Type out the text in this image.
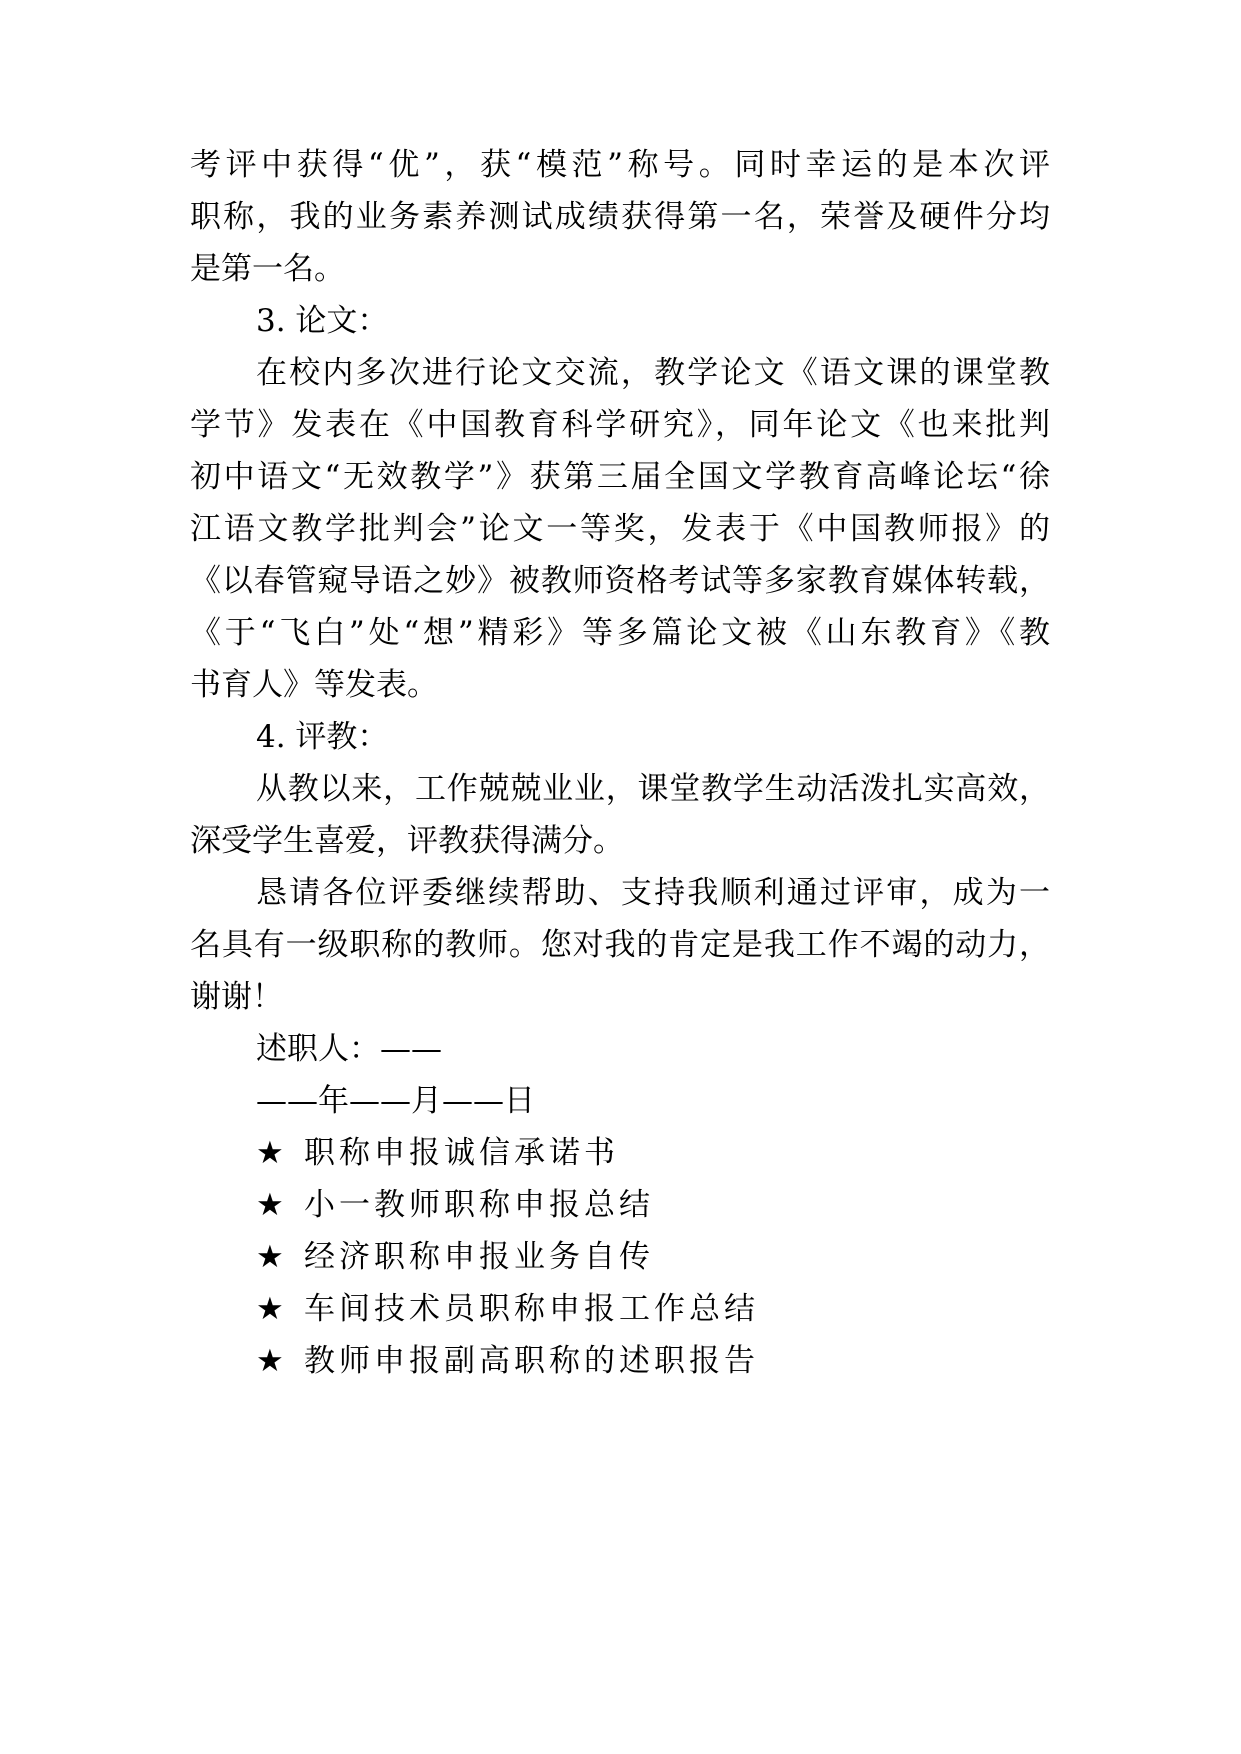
考评中获得“优”，获“模范”称号。同时幸运的是本次评
职称，我的业务素养测试成绩获得第一名，荣誉及硬件分均
是第一名。
3. 论文：
在校内多次进行论文交流，教学论文《语文课的课堂教
学节》发表在《中国教育科学研究》，同年论文《也来批判
初中语文“无效教学”》获第三届全国文学教育高峰论坛“徐
江语文教学批判会”论文一等奖，发表于《中国教师报》的
《以春管窥导语之妙》被教师资格考试等多家教育媒体转载，
《于“飞白”处“想”精彩》等多篇论文被《山东教育》《教
书育人》等发表。
4. 评教：
从教以来，工作兢兢业业，课堂教学生动活泼扎实高效，
深受学生喜爱，评教获得满分。
恳请各位评委继续帮助、支持我顺利通过评审，成为一
名具有一级职称的教师。您对我的肯定是我工作不竭的动力，
谢谢！
述职人：——
——年——月——日
★ 职称申报诚信承诺书
★ 小一教师职称申报总结
★ 经济职称申报业务自传
★ 车间技术员职称申报工作总结
★ 教师申报副高职称的述职报告
